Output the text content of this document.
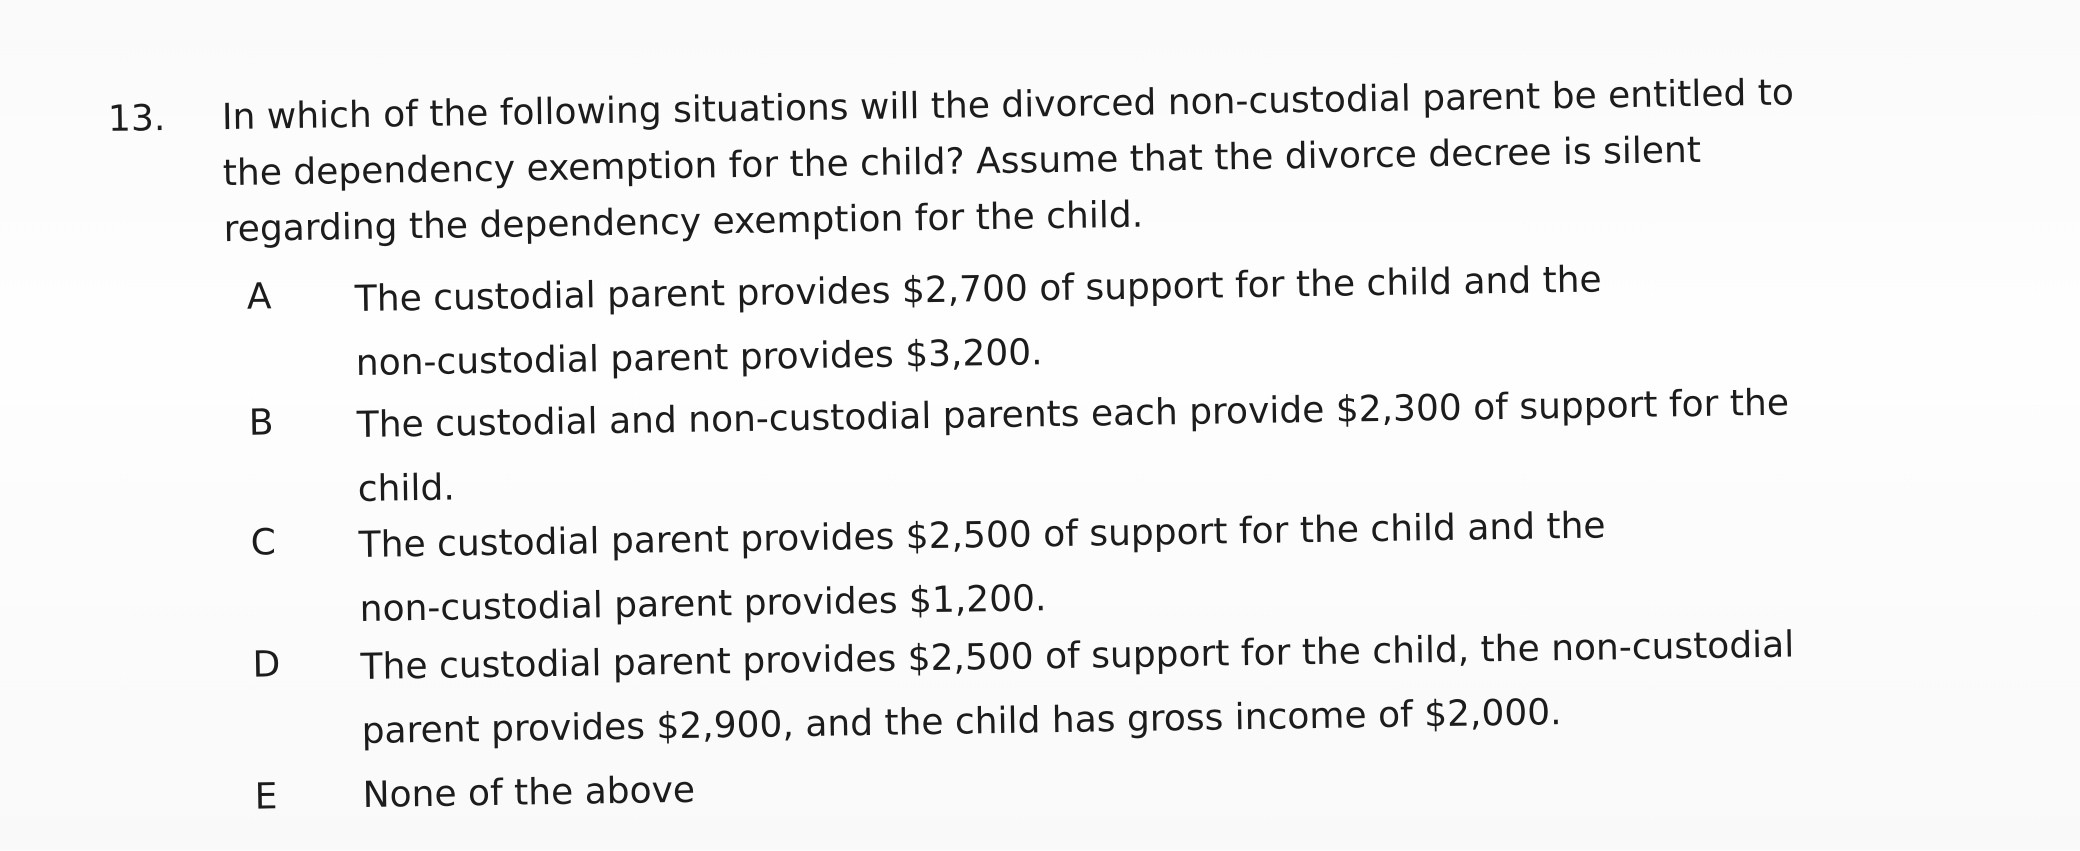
13. In which of the following situations will the divorced non-custodial parent be entitled to
the dependency exemption for the child? Assume that the divorce decree is silent
regarding the dependency exemption for the child.
A	The custodial parent provides $2,700 of support for the child and the
non-custodial parent provides $3,200.
B	The custodial and non-custodial parents each provide $2,300 of support for the
child.
C	The custodial parent provides $2,500 of support for the child and the
non-custodial parent provides $1,200.
D	The custodial parent provides $2,500 of support for the child, the non-custodial
parent provides $2,900, and the child has gross income of $2,000.
E	None of the above
